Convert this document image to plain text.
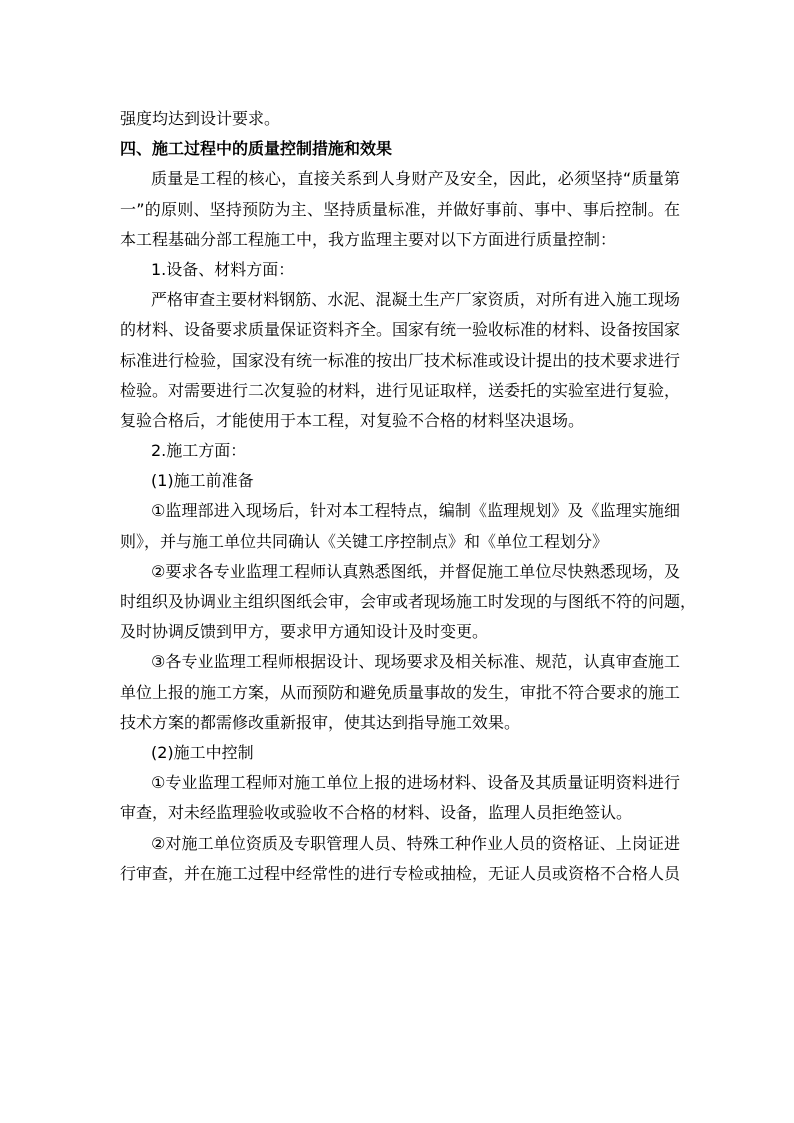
强度均达到设计要求。

四、施工过程中的质量控制措施和效果

质量是工程的核心，直接关系到人身财产及安全，因此，必须坚持“质量第

一”的原则、坚持预防为主、坚持质量标准，并做好事前、事中、事后控制。在

本工程基础分部工程施工中，我方监理主要对以下方面进行质量控制：

1.设备、材料方面：

严格审查主要材料钢筋、水泥、混凝土生产厂家资质，对所有进入施工现场

的材料、设备要求质量保证资料齐全。国家有统一验收标准的材料、设备按国家

标准进行检验，国家没有统一标准的按出厂技术标准或设计提出的技术要求进行

检验。对需要进行二次复验的材料，进行见证取样，送委托的实验室进行复验，

复验合格后，才能使用于本工程，对复验不合格的材料坚决退场。

2.施工方面：

(1)施工前准备

①监理部进入现场后，针对本工程特点，编制《监理规划》及《监理实施细

则》，并与施工单位共同确认《关键工序控制点》和《单位工程划分》

②要求各专业监理工程师认真熟悉图纸，并督促施工单位尽快熟悉现场，及

时组织及协调业主组织图纸会审，会审或者现场施工时发现的与图纸不符的问题，

及时协调反馈到甲方，要求甲方通知设计及时变更。

③各专业监理工程师根据设计、现场要求及相关标准、规范，认真审查施工

单位上报的施工方案，从而预防和避免质量事故的发生，审批不符合要求的施工

技术方案的都需修改重新报审，使其达到指导施工效果。

(2)施工中控制

①专业监理工程师对施工单位上报的进场材料、设备及其质量证明资料进行

审查，对未经监理验收或验收不合格的材料、设备，监理人员拒绝签认。

②对施工单位资质及专职管理人员、特殊工种作业人员的资格证、上岗证进

行审查，并在施工过程中经常性的进行专检或抽检，无证人员或资格不合格人员
